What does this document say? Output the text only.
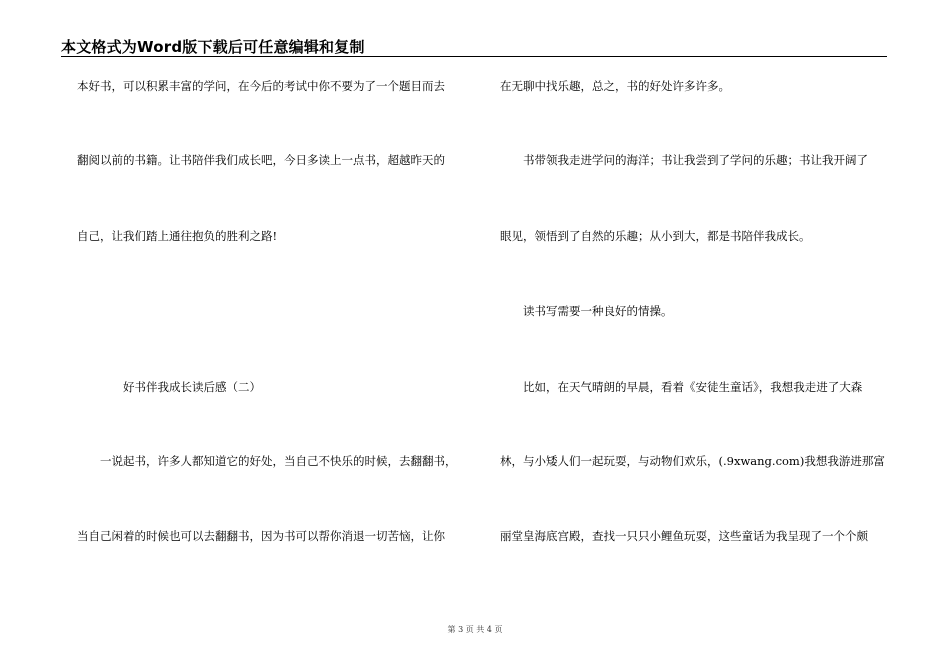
本文格式为Word版下载后可任意编辑和复制
本好书，可以积累丰富的学问，在今后的考试中你不要为了一个题目而去
翻阅以前的书籍。让书陪伴我们成长吧，今日多读上一点书，超越昨天的
自己，让我们踏上通往抱负的胜利之路!
好书伴我成长读后感（二）
一说起书，许多人都知道它的好处，当自己不快乐的时候，去翻翻书，
当自己闲着的时候也可以去翻翻书，因为书可以帮你消退一切苦恼，让你
在无聊中找乐趣，总之，书的好处许多许多。
书带领我走进学问的海洋；书让我尝到了学问的乐趣；书让我开阔了
眼见，领悟到了自然的乐趣；从小到大，都是书陪伴我成长。
读书写需要一种良好的情操。
比如，在天气晴朗的早晨，看着《安徒生童话》，我想我走进了大森
林，与小矮人们一起玩耍，与动物们欢乐，(.9xwang.com)我想我游进那富
丽堂皇海底宫殿，查找一只只小鲤鱼玩耍，这些童话为我呈现了一个个颇
第 3 页 共 4 页
